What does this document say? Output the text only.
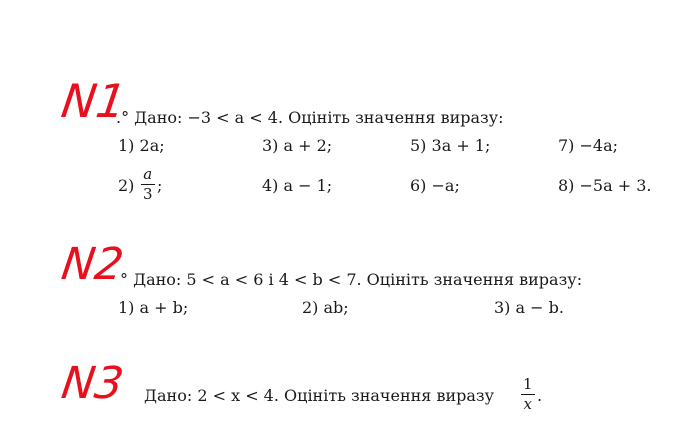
N1
.° Дано: −3 < a < 4. Оцініть значення виразу:
1) 2a;	3) a + 2;	5) 3a + 1;	7) −4a;
2)
a
3 ;	4) a − 1;	6) −a;	8) −5a + 3.
N2
° Дано: 5 < a < 6 і 4 < b < 7. Оцініть значення виразу:
1) a + b;	2) ab;	3) a − b.
N3 Дано: 2 < x < 4. Оцініть значення виразу
1
x .
